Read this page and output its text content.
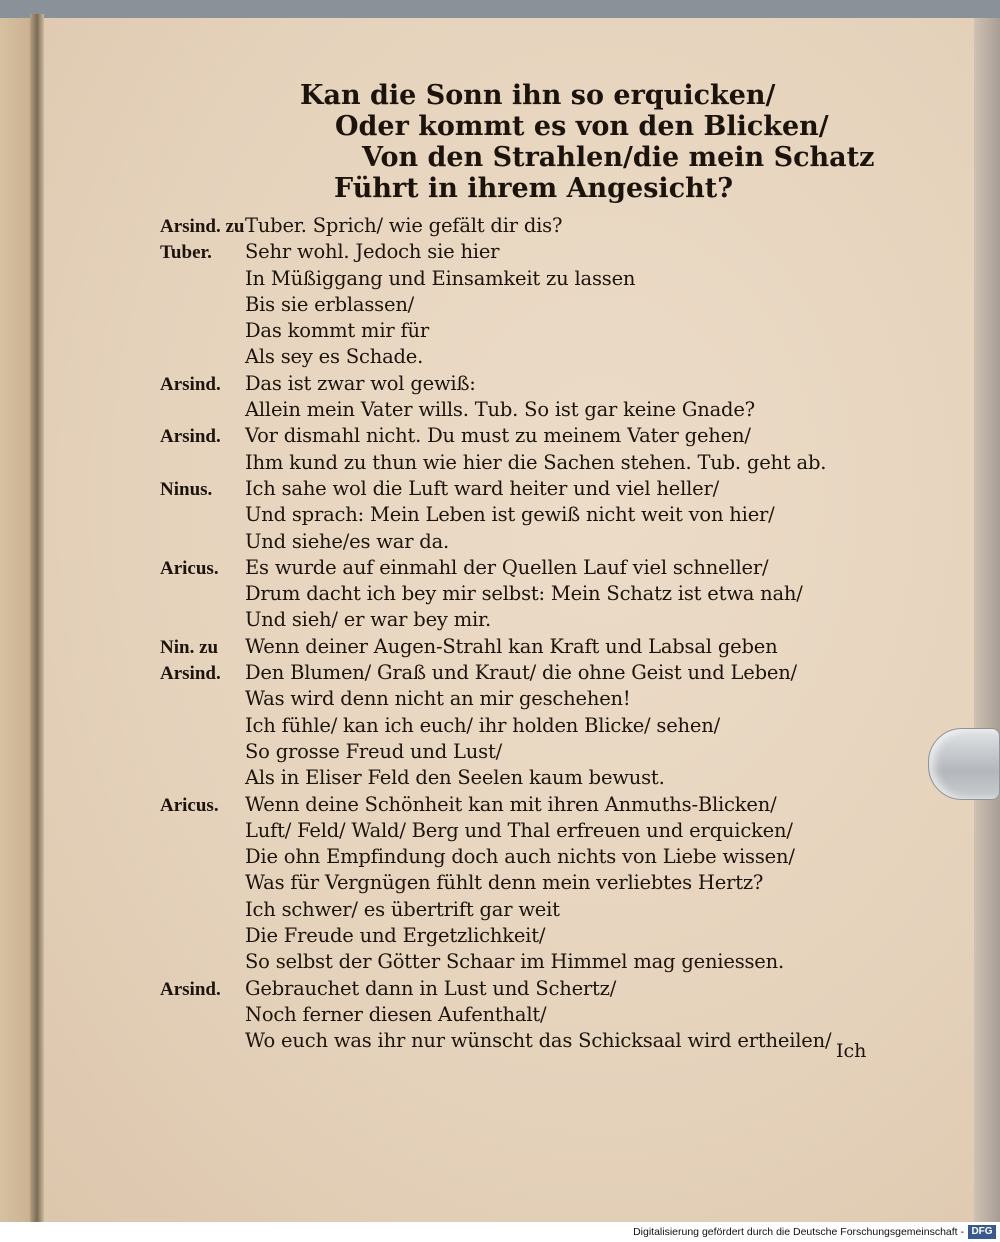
Kan die Sonn ihn so erquicken/
Oder kommt es von den Blicken/
Von den Strahlen/die mein Schatz
Führt in ihrem Angesicht?
Arsind. zu Tuber. Sprich/ wie gefält dir dis?
Tuber. Sehr wohl. Jedoch sie hier
In Müßiggang und Einsamkeit zu lassen
Bis sie erblassen/
Das kommt mir für
Als sey es Schade.
Arsind. Das ist zwar wol gewiß:
Allein mein Vater wills. Tub. So ist gar keine Gnade?
Arsind. Vor dismahl nicht. Du must zu meinem Vater gehen/
Ihm kund zu thun wie hier die Sachen stehen. Tub. geht ab.
Ninus. Ich sahe wol die Luft ward heiter und viel heller/
Und sprach: Mein Leben ist gewiß nicht weit von hier/
Und siehe/es war da.
Aricus. Es wurde auf einmahl der Quellen Lauf viel schneller/
Drum dacht ich bey mir selbst: Mein Schatz ist etwa nah/
Und sieh/ er war bey mir.
Nin. zu Wenn deiner Augen-Strahl kan Kraft und Labsal geben
Arsind. Den Blumen/ Graß und Kraut/ die ohne Geist und Leben/
Was wird denn nicht an mir geschehen!
Ich fühle/ kan ich euch/ ihr holden Blicke/ sehen/
So grosse Freud und Lust/
Als in Eliser Feld den Seelen kaum bewust.
Aricus. Wenn deine Schönheit kan mit ihren Anmuths-Blicken/
Luft/ Feld/ Wald/ Berg und Thal erfreuen und erquicken/
Die ohn Empfindung doch auch nichts von Liebe wissen/
Was für Vergnügen fühlt denn mein verliebtes Hertz?
Ich schwer/ es übertrift gar weit
Die Freude und Ergetzlichkeit/
So selbst der Götter Schaar im Himmel mag geniessen.
Arsind. Gebrauchet dann in Lust und Schertz/
Noch ferner diesen Aufenthalt/
Wo euch was ihr nur wünscht das Schicksaal wird ertheilen/ Ich
Digitalisierung gefördert durch die Deutsche Forschungsgemeinschaft - DFG
